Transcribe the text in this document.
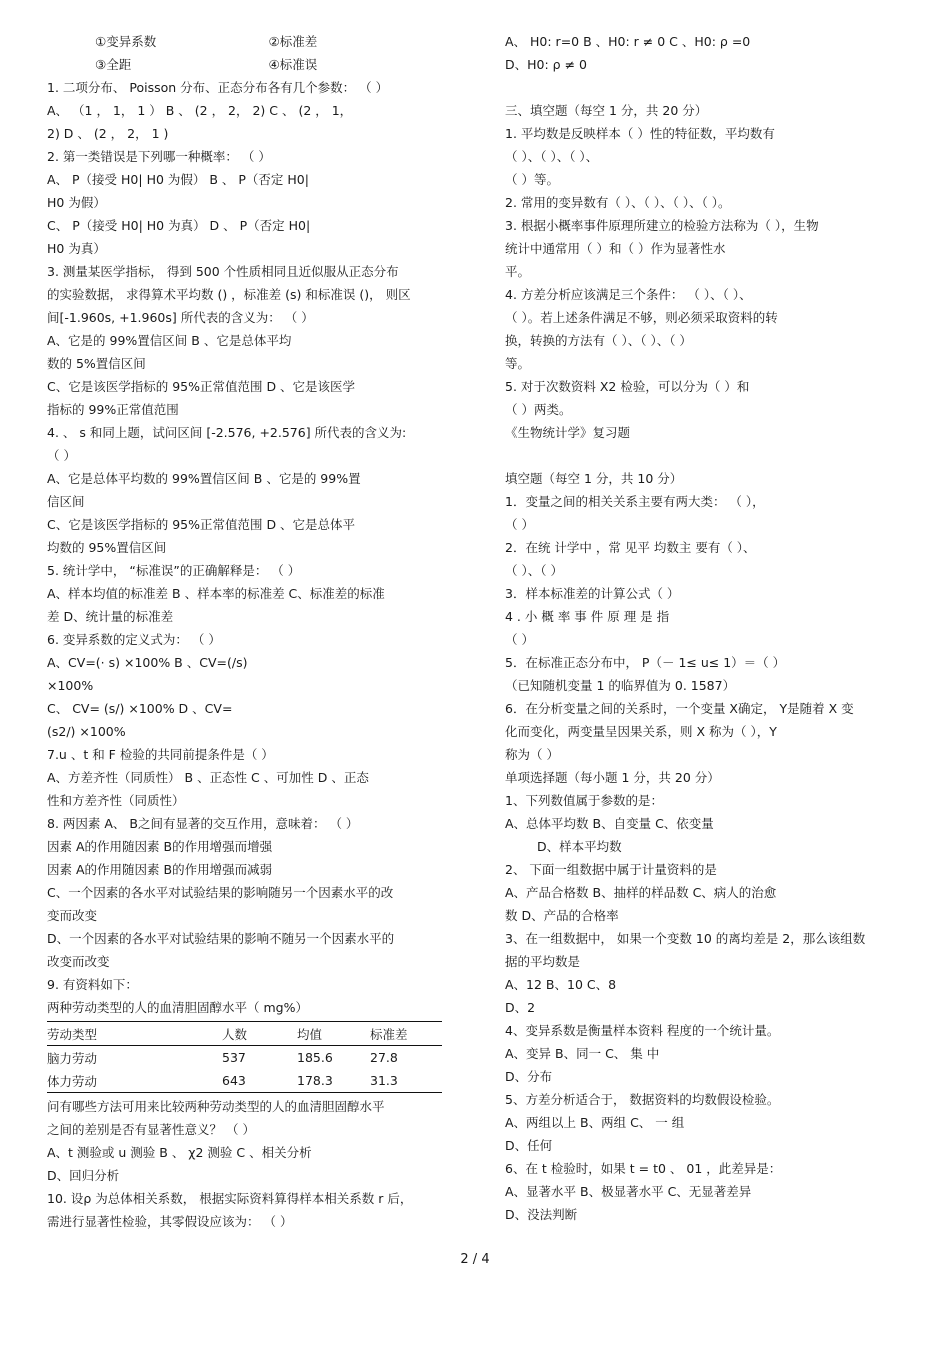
①变异系数	②标准差
③全距	④标准误
1. 二项分布、 Poisson 分布、正态分布各有几个参数： （ ）
A、 （1 ， 1， 1 ） B 、 (2 ， 2， 2) C 、 (2 ， 1，
2) D 、 (2 ， 2， 1 )
2. 第一类错误是下列哪一种概率： （ ）
A、 P（接受 H0| H0 为假） B 、 P（否定 H0|
H0 为假）
C、 P（接受 H0| H0 为真） D 、 P（否定 H0|
H0 为真）
3. 测量某医学指标， 得到 500 个性质相同且近似服从正态分布
的实验数据， 求得算术平均数 () ，标准差 (s) 和标准误 ()， 则区
间[-1.960s, +1.960s] 所代表的含义为： （ ）
A、它是的 99%置信区间 B 、它是总体平均
数的 5%置信区间
C、它是该医学指标的 95%正常值范围 D 、它是该医学
指标的 99%正常值范围
4. 、 s 和同上题，试问区间 [-2.576, +2.576] 所代表的含义为:
（ ）
A、它是总体平均数的 99%置信区间 B 、它是的 99%置
信区间
C、它是该医学指标的 95%正常值范围 D 、它是总体平
均数的 95%置信区间
5. 统计学中， “标准误”的正确解释是： （ ）
A、样本均值的标准差 B 、样本率的标准差 C、标准差的标准
差 D、统计量的标准差
6. 变异系数的定义式为： （ ）
A、CV=(· s) ×100% B 、CV=(/s)
×100%
C、 CV= (s/) ×100% D 、CV=
(s2/) ×100%
7.u 、t 和 F 检验的共同前提条件是（ ）
A、方差齐性（同质性） B 、正态性 C 、可加性 D 、正态
性和方差齐性（同质性）
8. 两因素 A、 B之间有显著的交互作用，意味着： （ ）
因素 A的作用随因素 B的作用增强而增强
因素 A的作用随因素 B的作用增强而减弱
C、一个因素的各水平对试验结果的影响随另一个因素水平的改
变而改变
D、一个因素的各水平对试验结果的影响不随另一个因素水平的
改变而改变
9. 有资料如下：
两种劳动类型的人的血清胆固醇水平（ mg%）
劳动类型	人数	均值	标准差
脑力劳动	537	185.6	27.8
体力劳动	643	178.3	31.3
问有哪些方法可用来比较两种劳动类型的人的血清胆固醇水平
之间的差别是否有显著性意义？ （ ）
A、t 测验或 u 测验 B 、 χ2 测验 C 、相关分析
D、回归分析
10. 设ρ 为总体相关系数， 根据实际资料算得样本相关系数 r 后，
需进行显著性检验，其零假设应该为： （ ）
A、 H0: r=0 B 、H0: r ≠ 0 C 、H0: ρ =0
D、H0: ρ ≠ 0
三、填空题（每空 1 分，共 20 分）
1. 平均数是反映样本（ ）性的特征数，平均数有
（ ）、（ ）、（ ）、
（ ）等。
2. 常用的变异数有（ ）、（ ）、（ ）、（ ）。
3. 根据小概率事件原理所建立的检验方法称为（ ），生物
统计中通常用（ ）和（ ）作为显著性水
平。
4. 方差分析应该满足三个条件： （ ）、（ ）、
（ ）。若上述条件满足不够，则必须采取资料的转
换，转换的方法有（ ）、（ ）、（ ）
等。
5. 对于次数资料 X2 检验，可以分为（ ）和
（ ）两类。
《生物统计学》复习题
填空题（每空 1 分，共 10 分）
1．变量之间的相关关系主要有两大类： （ ），
（ ）
2．在统 计学中 ，常 见平 均数主 要有（ ）、
（ ）、（ ）
3．样本标准差的计算公式（ ）
4 . 小 概 率 事 件 原 理 是 指
（ ）
5．在标准正态分布中， P（－ 1≤ u≤ 1）＝（ ）
（已知随机变量 1 的临界值为 0. 1587）
6．在分析变量之间的关系时，一个变量 X确定， Y是随着 X 变
化而变化，两变量呈因果关系，则 X 称为（ ），Y
称为（ ）
单项选择题（每小题 1 分，共 20 分）
1、下列数值属于参数的是：
A、总体平均数 B、自变量 C、依变量
D、样本平均数
2、 下面一组数据中属于计量资料的是
A、产品合格数 B、抽样的样品数 C、病人的治愈
数 D、产品的合格率
3、在一组数据中， 如果一个变数 10 的离均差是 2，那么该组数
据的平均数是
A、12 B、10 C、8
D、2
4、变异系数是衡量样本资料 程度的一个统计量。
A、变异 B、同一 C、 集 中
D、分布
5、方差分析适合于， 数据资料的均数假设检验。
A、两组以上 B、两组 C、 一 组
D、任何
6、在 t 检验时，如果 t = t0 、 01 ，此差异是：
A、显著水平 B、极显著水平 C、无显著差异
D、没法判断
2 / 4
